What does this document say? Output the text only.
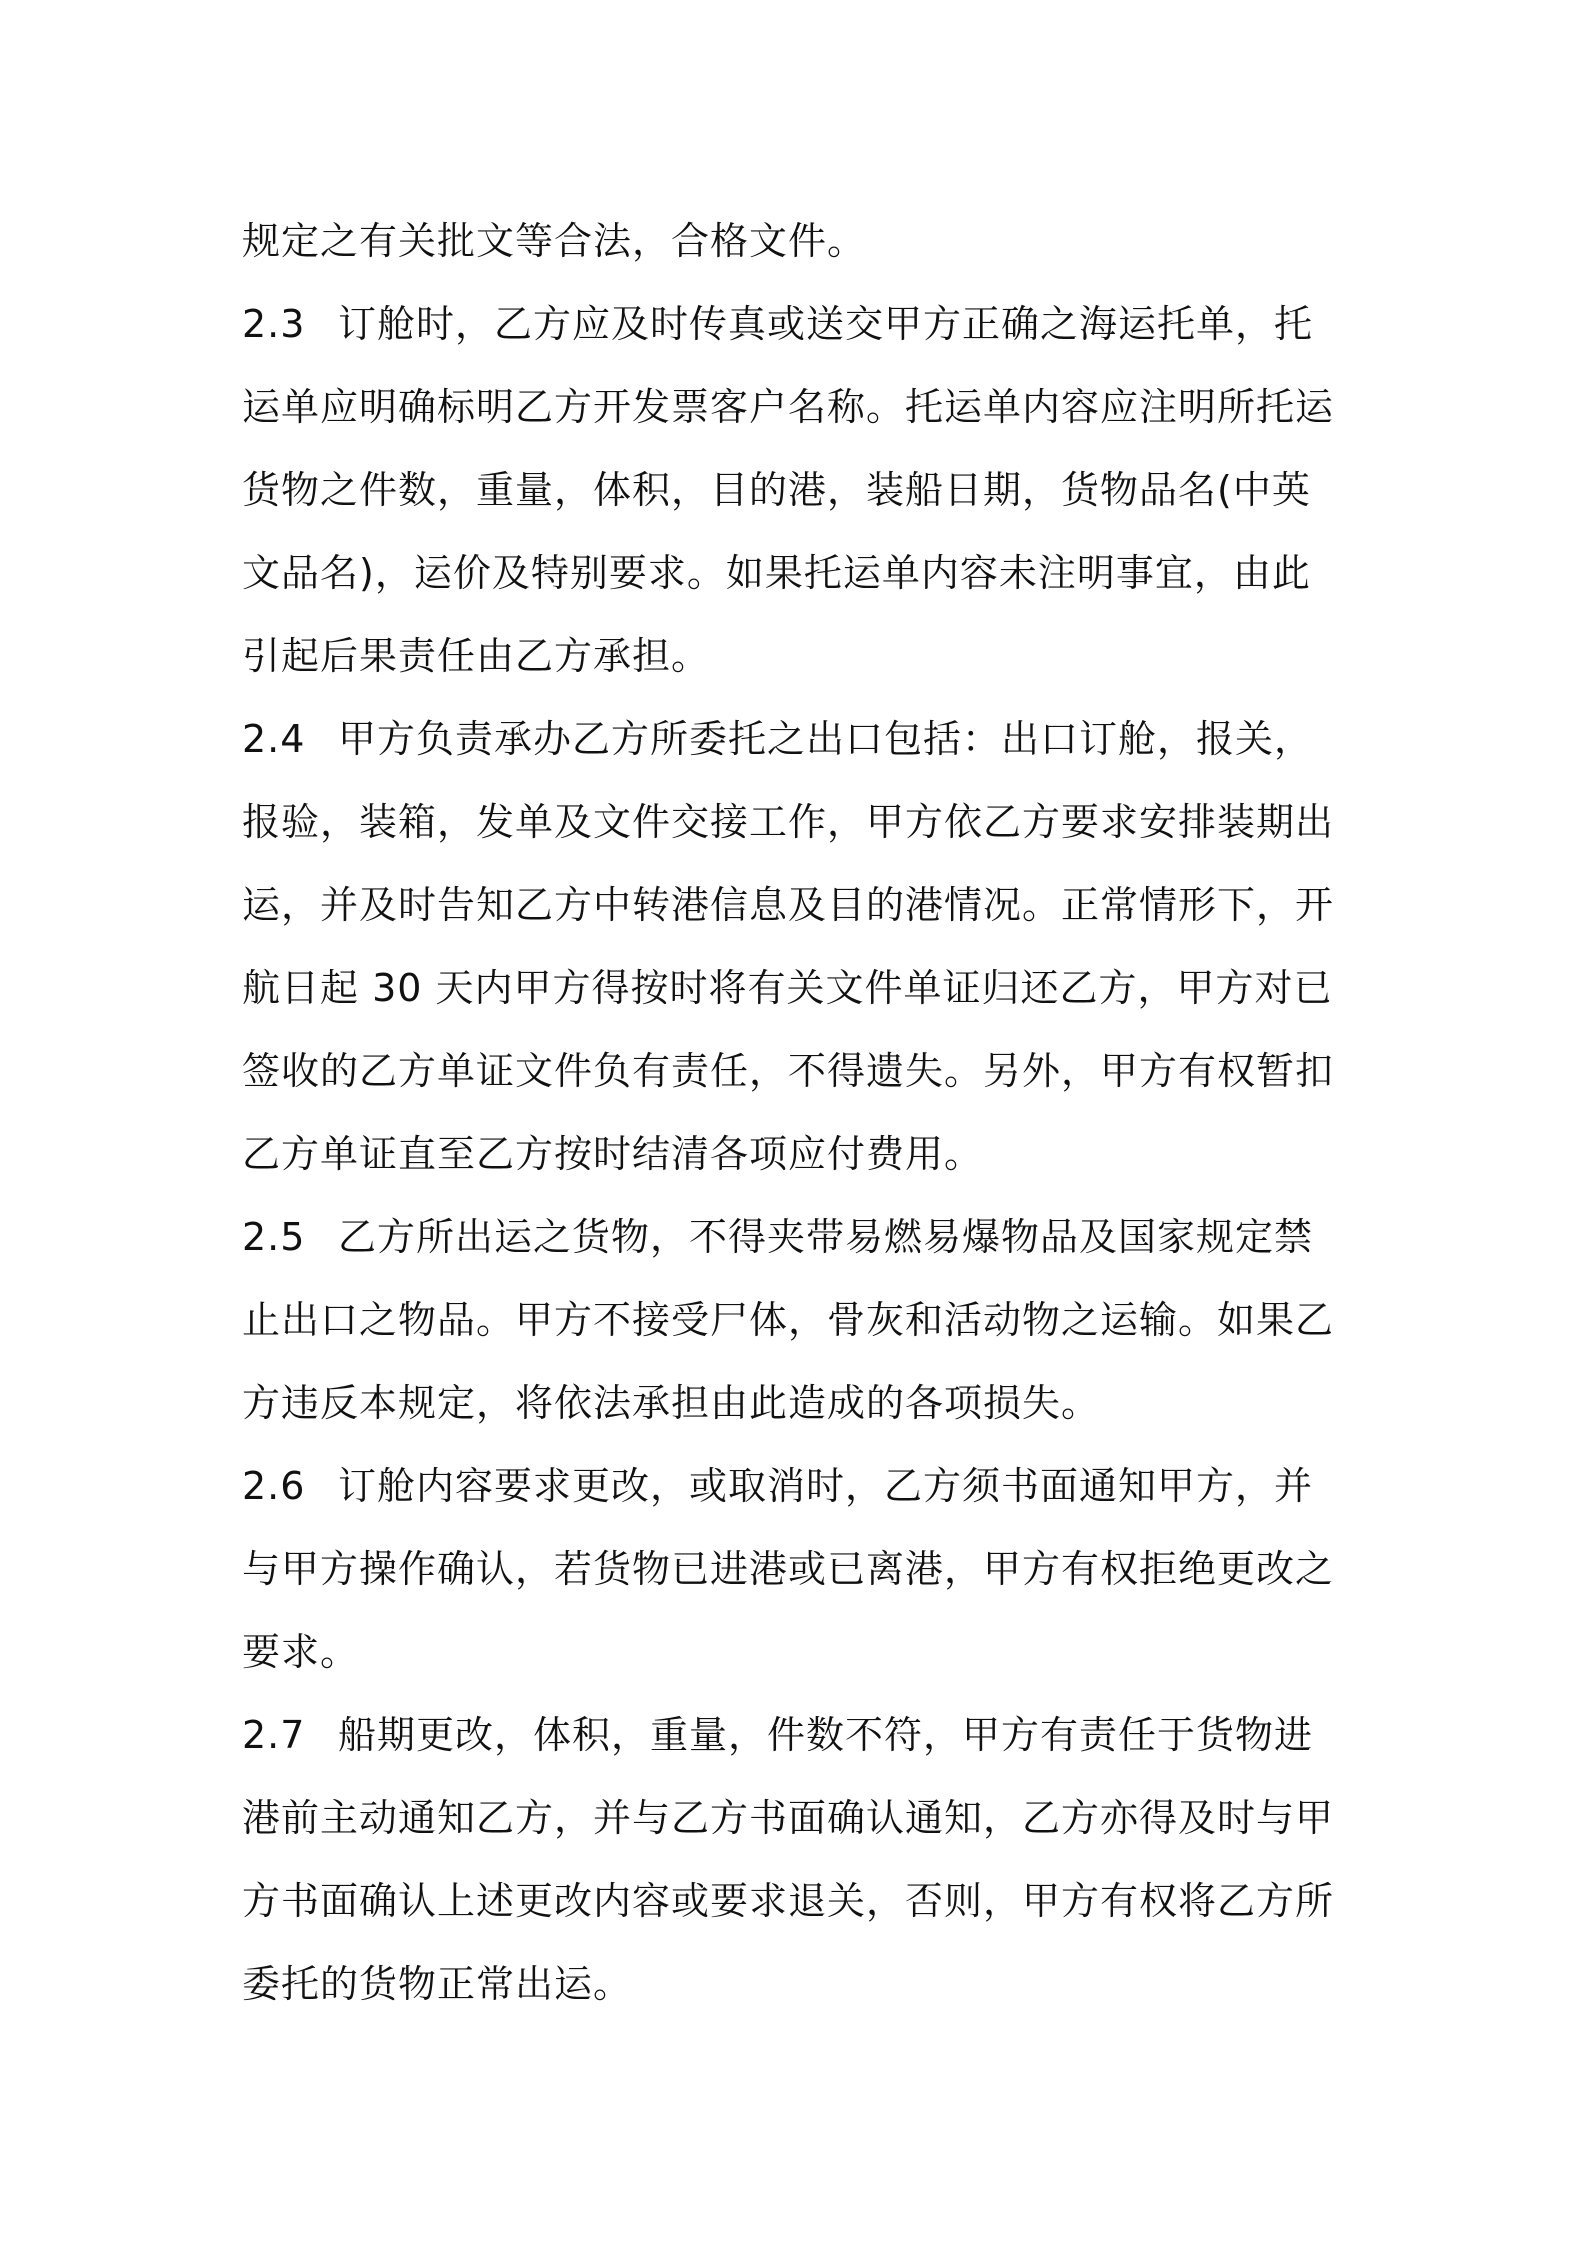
规定之有关批文等合法，合格文件。
2.3 订舱时，乙方应及时传真或送交甲方正确之海运托单，托
运单应明确标明乙方开发票客户名称。托运单内容应注明所托运
货物之件数，重量，体积，目的港，装船日期，货物品名(中英
文品名)，运价及特别要求。如果托运单内容未注明事宜，由此
引起后果责任由乙方承担。
2.4 甲方负责承办乙方所委托之出口包括：出口订舱，报关，
报验，装箱，发单及文件交接工作，甲方依乙方要求安排装期出
运，并及时告知乙方中转港信息及目的港情况。正常情形下，开
航日起 30 天内甲方得按时将有关文件单证归还乙方，甲方对已
签收的乙方单证文件负有责任，不得遗失。另外，甲方有权暂扣
乙方单证直至乙方按时结清各项应付费用。
2.5 乙方所出运之货物，不得夹带易燃易爆物品及国家规定禁
止出口之物品。甲方不接受尸体，骨灰和活动物之运输。如果乙
方违反本规定，将依法承担由此造成的各项损失。
2.6 订舱内容要求更改，或取消时，乙方须书面通知甲方，并
与甲方操作确认，若货物已进港或已离港，甲方有权拒绝更改之
要求。
2.7 船期更改，体积，重量，件数不符，甲方有责任于货物进
港前主动通知乙方，并与乙方书面确认通知，乙方亦得及时与甲
方书面确认上述更改内容或要求退关，否则，甲方有权将乙方所
委托的货物正常出运。
